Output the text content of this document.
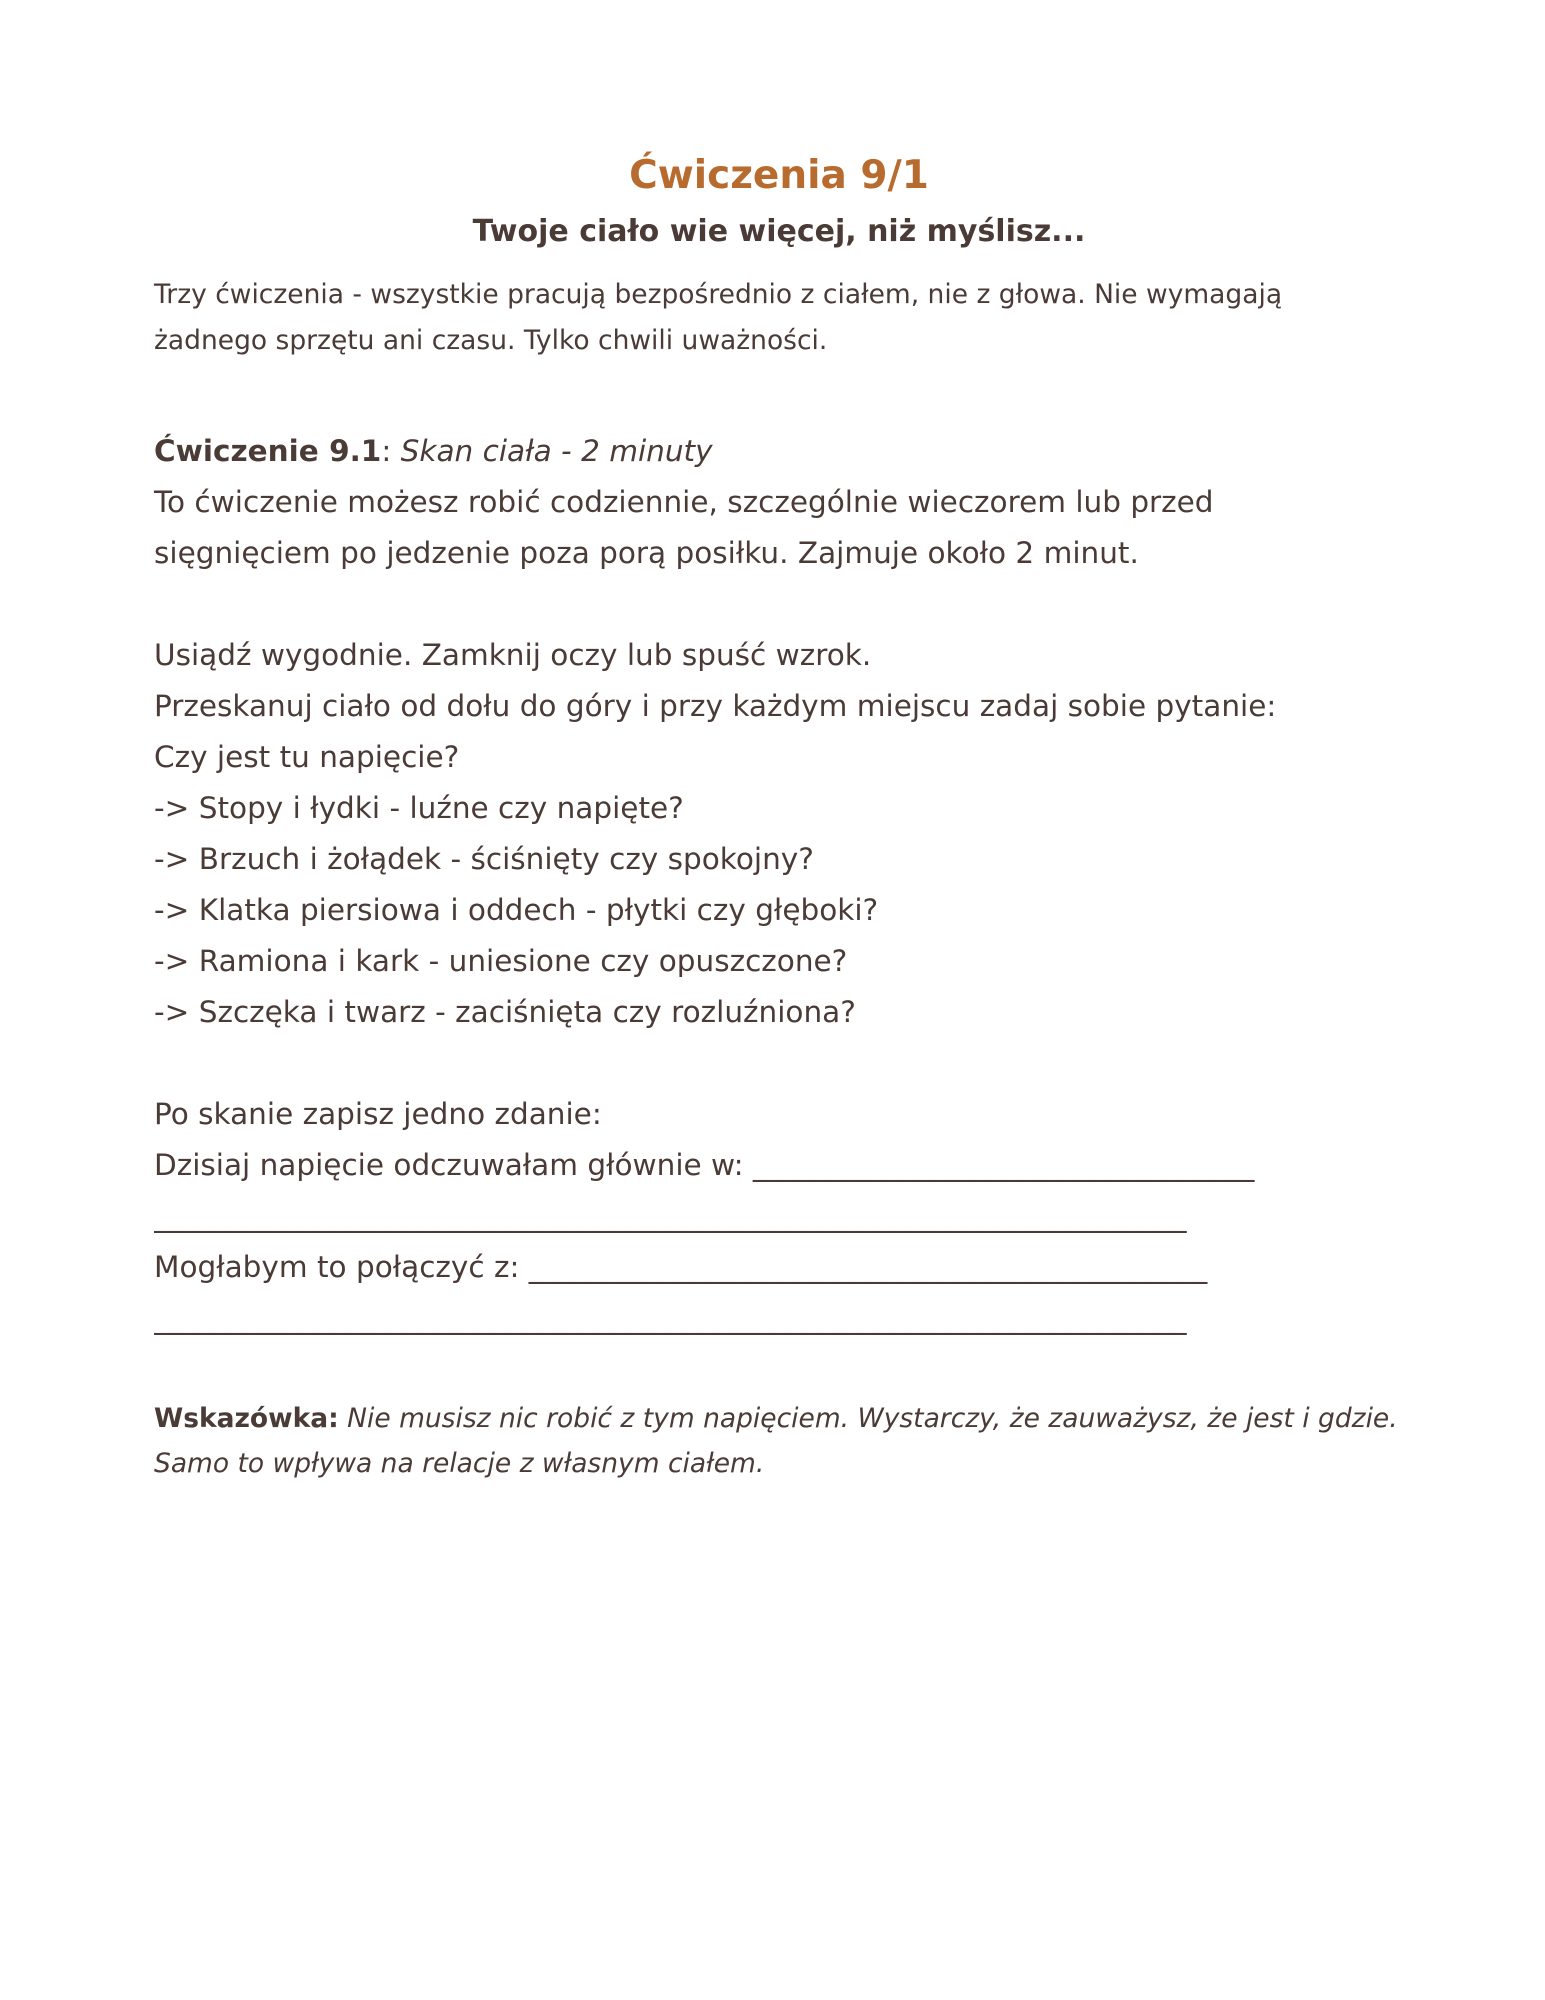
Ćwiczenia 9/1
Twoje ciało wie więcej, niż myślisz...
Trzy ćwiczenia - wszystkie pracują bezpośrednio z ciałem, nie z głowa. Nie wymagają
żadnego sprzętu ani czasu. Tylko chwili uważności.
Ćwiczenie 9.1: Skan ciała - 2 minuty
To ćwiczenie możesz robić codziennie, szczególnie wieczorem lub przed
sięgnięciem po jedzenie poza porą posiłku. Zajmuje około 2 minut.
Usiądź wygodnie. Zamknij oczy lub spuść wzrok.
Przeskanuj ciało od dołu do góry i przy każdym miejscu zadaj sobie pytanie:
Czy jest tu napięcie?
-> Stopy i łydki - luźne czy napięte?
-> Brzuch i żołądek - ściśnięty czy spokojny?
-> Klatka piersiowa i oddech - płytki czy głęboki?
-> Ramiona i kark - uniesione czy opuszczone?
-> Szczęka i twarz - zaciśnięta czy rozluźniona?
Po skanie zapisz jedno zdanie:
Dzisiaj napięcie odczuwałam głównie w: __________________________________
______________________________________________________________________
Mogłabym to połączyć z: ______________________________________________
______________________________________________________________________
Wskazówka: Nie musisz nic robić z tym napięciem. Wystarczy, że zauważysz, że jest i gdzie.
Samo to wpływa na relacje z własnym ciałem.
